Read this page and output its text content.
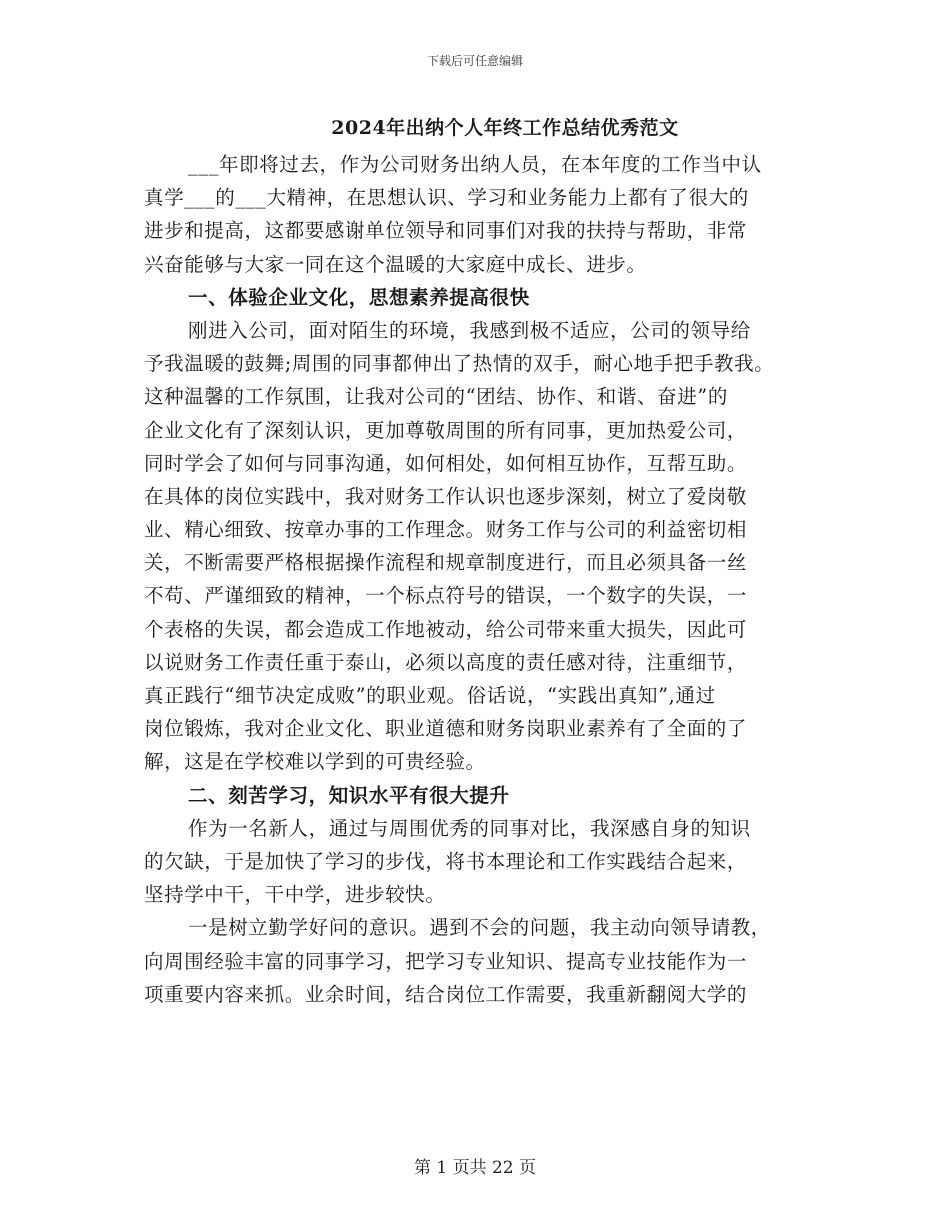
下载后可任意编辑
2024年出纳个人年终工作总结优秀范文
___年即将过去，作为公司财务出纳人员，在本年度的工作当中认
真学___的___大精神，在思想认识、学习和业务能力上都有了很大的
进步和提高，这都要感谢单位领导和同事们对我的扶持与帮助，非常
兴奋能够与大家一同在这个温暖的大家庭中成长、进步。
一、体验企业文化，思想素养提高很快
刚进入公司，面对陌生的环境，我感到极不适应，公司的领导给
予我温暖的鼓舞;周围的同事都伸出了热情的双手，耐心地手把手教我。
这种温馨的工作氛围，让我对公司的“团结、协作、和谐、奋进”的
企业文化有了深刻认识，更加尊敬周围的所有同事，更加热爱公司，
同时学会了如何与同事沟通，如何相处，如何相互协作，互帮互助。
在具体的岗位实践中，我对财务工作认识也逐步深刻，树立了爱岗敬
业、精心细致、按章办事的工作理念。财务工作与公司的利益密切相
关，不断需要严格根据操作流程和规章制度进行，而且必须具备一丝
不苟、严谨细致的精神，一个标点符号的错误，一个数字的失误，一
个表格的失误，都会造成工作地被动，给公司带来重大损失，因此可
以说财务工作责任重于泰山，必须以高度的责任感对待，注重细节，
真正践行“细节决定成败”的职业观。俗话说，“实践出真知”,通过
岗位锻炼，我对企业文化、职业道德和财务岗职业素养有了全面的了
解，这是在学校难以学到的可贵经验。
二、刻苦学习，知识水平有很大提升
作为一名新人，通过与周围优秀的同事对比，我深感自身的知识
的欠缺，于是加快了学习的步伐，将书本理论和工作实践结合起来，
坚持学中干，干中学，进步较快。
一是树立勤学好问的意识。遇到不会的问题，我主动向领导请教，
向周围经验丰富的同事学习，把学习专业知识、提高专业技能作为一
项重要内容来抓。业余时间，结合岗位工作需要，我重新翻阅大学的
第 1 页共 22 页
